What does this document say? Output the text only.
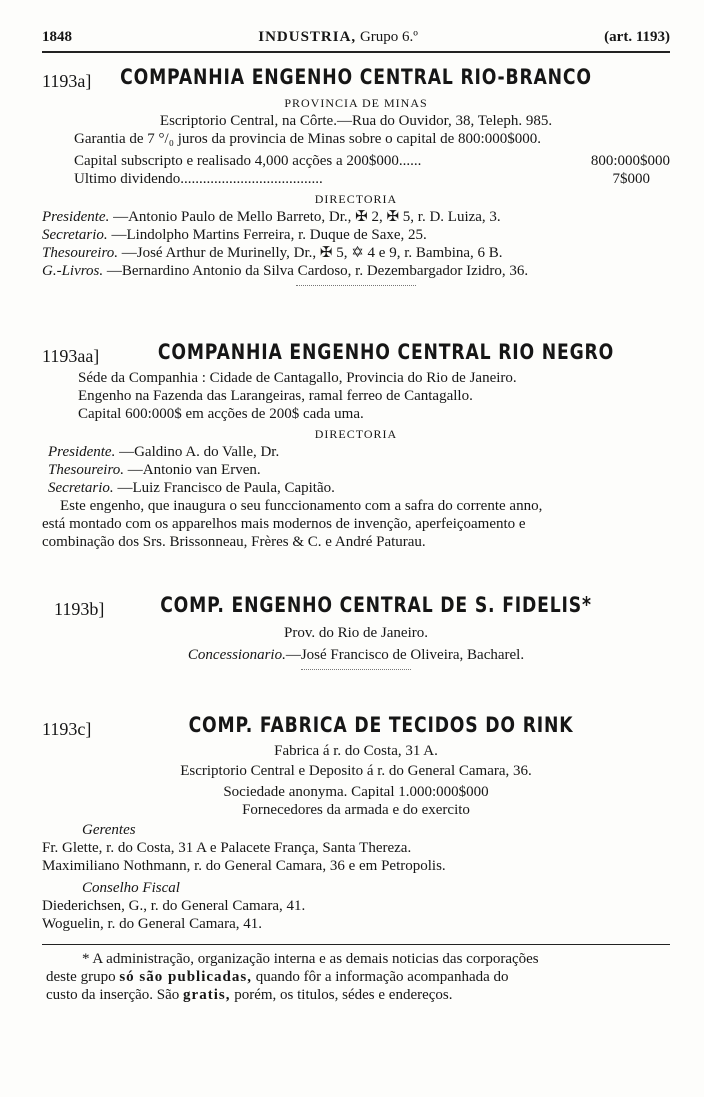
1848	INDUSTRIA, Grupo 6.º	(art. 1193)
1193a]	COMPANHIA ENGENHO CENTRAL RIO-BRANCO
PROVINCIA DE MINAS
Escriptorio Central, na Côrte.—Rua do Ouvidor, 38, Teleph. 985.
Garantia de 7 °/₀ juros da provincia de Minas sobre o capital de 800:000$000.
Capital subscripto e realisado 4,000 acções a 200$000......	800:000$000
Ultimo dividendo......................................	7$000
DIRECTORIA
Presidente. —Antonio Paulo de Mello Barreto, Dr., ✠ 2, ✠ 5, r. D. Luiza, 3.
Secretario. —Lindolpho Martins Ferreira, r. Duque de Saxe, 25.
Thesoureiro. —José Arthur de Murinelly, Dr., ✠ 5, ✡ 4 e 9, r. Bambina, 6 B.
G.-Livros. —Bernardino Antonio da Silva Cardoso, r. Dezembargador Izidro, 36.
1193aa]	COMPANHIA ENGENHO CENTRAL RIO NEGRO
Séde da Companhia : Cidade de Cantagallo, Provincia do Rio de Janeiro.
Engenho na Fazenda das Larangeiras, ramal ferreo de Cantagallo.
Capital 600:000$ em acções de 200$ cada uma.
DIRECTORIA
Presidente. —Galdino A. do Valle, Dr.
Thesoureiro. —Antonio van Erven.
Secretario. —Luiz Francisco de Paula, Capitão.
Este engenho, que inaugura o seu funccionamento com a safra do corrente anno,
está montado com os apparelhos mais modernos de invenção, aperfeiçoamento e
combinação dos Srs. Brissonneau, Frères & C. e André Paturau.
1193b]	COMP. ENGENHO CENTRAL DE S. FIDELIS*
Prov. do Rio de Janeiro.
Concessionario.—José Francisco de Oliveira, Bacharel.
1193c]	COMP. FABRICA DE TECIDOS DO RINK
Fabrica á r. do Costa, 31 A.
Escriptorio Central e Deposito á r. do General Camara, 36.
Sociedade anonyma. Capital 1.000:000$000
Fornecedores da armada e do exercito
Gerentes
Fr. Glette, r. do Costa, 31 A e Palacete França, Santa Thereza.
Maximiliano Nothmann, r. do General Camara, 36 e em Petropolis.
Conselho Fiscal
Diederichsen, G., r. do General Camara, 41.
Woguelin, r. do General Camara, 41.
* A administração, organização interna e as demais noticias das corporações
deste grupo só são publicadas, quando fôr a informação acompanhada do
custo da inserção. São gratis, porém, os titulos, sédes e endereços.
